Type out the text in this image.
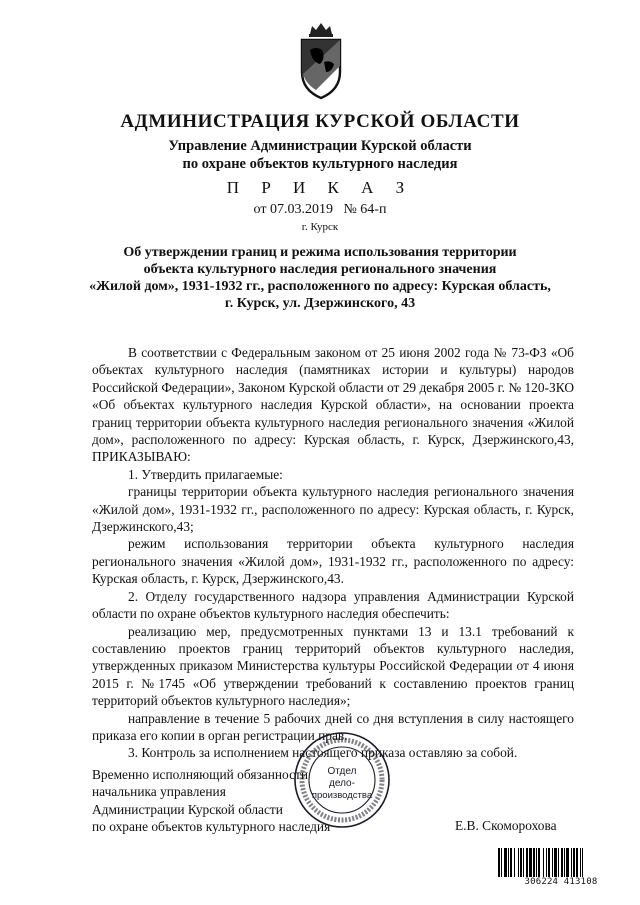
АДМИНИСТРАЦИЯ КУРСКОЙ ОБЛАСТИ
Управление Администрации Курской области
по охране объектов культурного наследия
П Р И К А З
от 07.03.2019   № 64-п
г. Курск
Об утверждении границ и режима использования территории
объекта культурного наследия регионального значения
«Жилой дом», 1931-1932 гг., расположенного по адресу: Курская область,
г. Курск, ул. Дзержинского, 43

В соответствии с Федеральным законом от 25 июня 2002 года № 73-ФЗ «Об объектах культурного наследия (памятниках истории и культуры) народов Российской Федерации», Законом Курской области от 29 декабря 2005 г. № 120-ЗКО «Об объектах культурного наследия Курской области», на основании проекта границ территории объекта культурного наследия регионального значения «Жилой дом», расположенного по адресу: Курская область, г. Курск, Дзержинского,43, ПРИКАЗЫВАЮ:

1. Утвердить прилагаемые:

границы территории объекта культурного наследия регионального значения «Жилой дом», 1931-1932 гг., расположенного по адресу: Курская область, г. Курск, Дзержинского,43;

режим использования территории объекта культурного наследия регионального значения «Жилой дом», 1931-1932 гг., расположенного по адресу: Курская область, г. Курск, Дзержинского,43.

2. Отделу государственного надзора управления Администрации Курской области по охране объектов культурного наследия обеспечить:

реализацию мер, предусмотренных пунктами 13 и 13.1 требований к составлению проектов границ территорий объектов культурного наследия, утвержденных приказом Министерства культуры Российской Федерации от 4 июня 2015 г. №1745 «Об утверждении требований к составлению проектов границ территорий объектов культурного наследия»;

направление в течение 5 рабочих дней со дня вступления в силу настоящего приказа его копии в орган регистрации прав.

3. Контроль за исполнением настоящего приказа оставляю за собой.

Временно исполняющий обязанности
начальника управления
Администрации Курской области
по охране объектов культурного наследия	Е.В. Скоморохова
Отдел
дело-
производства
306224 413108
